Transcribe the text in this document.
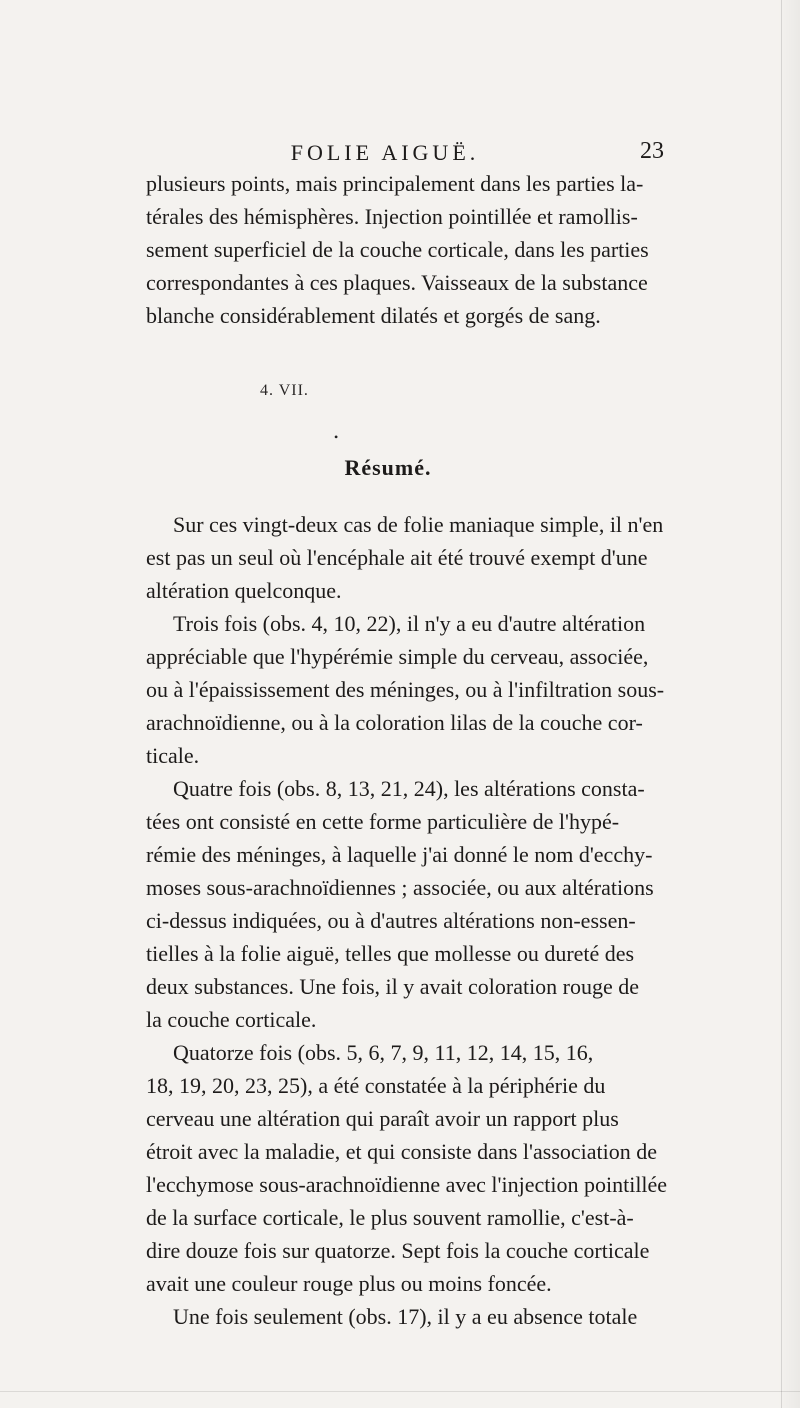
FOLIE AIGUË.	23
plusieurs points, mais principalement dans les parties la-
térales des hémisphères. Injection pointillée et ramollis-
sement superficiel de la couche corticale, dans les parties
correspondantes à ces plaques. Vaisseaux de la substance
blanche considérablement dilatés et gorgés de sang.
4. VII.
•
Résumé.
Sur ces vingt-deux cas de folie maniaque simple, il n'en
est pas un seul où l'encéphale ait été trouvé exempt d'une
altération quelconque.
Trois fois (obs. 4, 10, 22), il n'y a eu d'autre altération
appréciable que l'hypérémie simple du cerveau, associée,
ou à l'épaississement des méninges, ou à l'infiltration sous-
arachnoïdienne, ou à la coloration lilas de la couche cor-
ticale.
Quatre fois (obs. 8, 13, 21, 24), les altérations consta-
tées ont consisté en cette forme particulière de l'hypé-
rémie des méninges, à laquelle j'ai donné le nom d'ecchy-
moses sous-arachnoïdiennes ; associée, ou aux altérations
ci-dessus indiquées, ou à d'autres altérations non-essen-
tielles à la folie aiguë, telles que mollesse ou dureté des
deux substances. Une fois, il y avait coloration rouge de
la couche corticale.
Quatorze fois (obs. 5, 6, 7, 9, 11, 12, 14, 15, 16,
18, 19, 20, 23, 25), a été constatée à la périphérie du
cerveau une altération qui paraît avoir un rapport plus
étroit avec la maladie, et qui consiste dans l'association de
l'ecchymose sous-arachnoïdienne avec l'injection pointillée
de la surface corticale, le plus souvent ramollie, c'est-à-
dire douze fois sur quatorze. Sept fois la couche corticale
avait une couleur rouge plus ou moins foncée.
Une fois seulement (obs. 17), il y a eu absence totale
